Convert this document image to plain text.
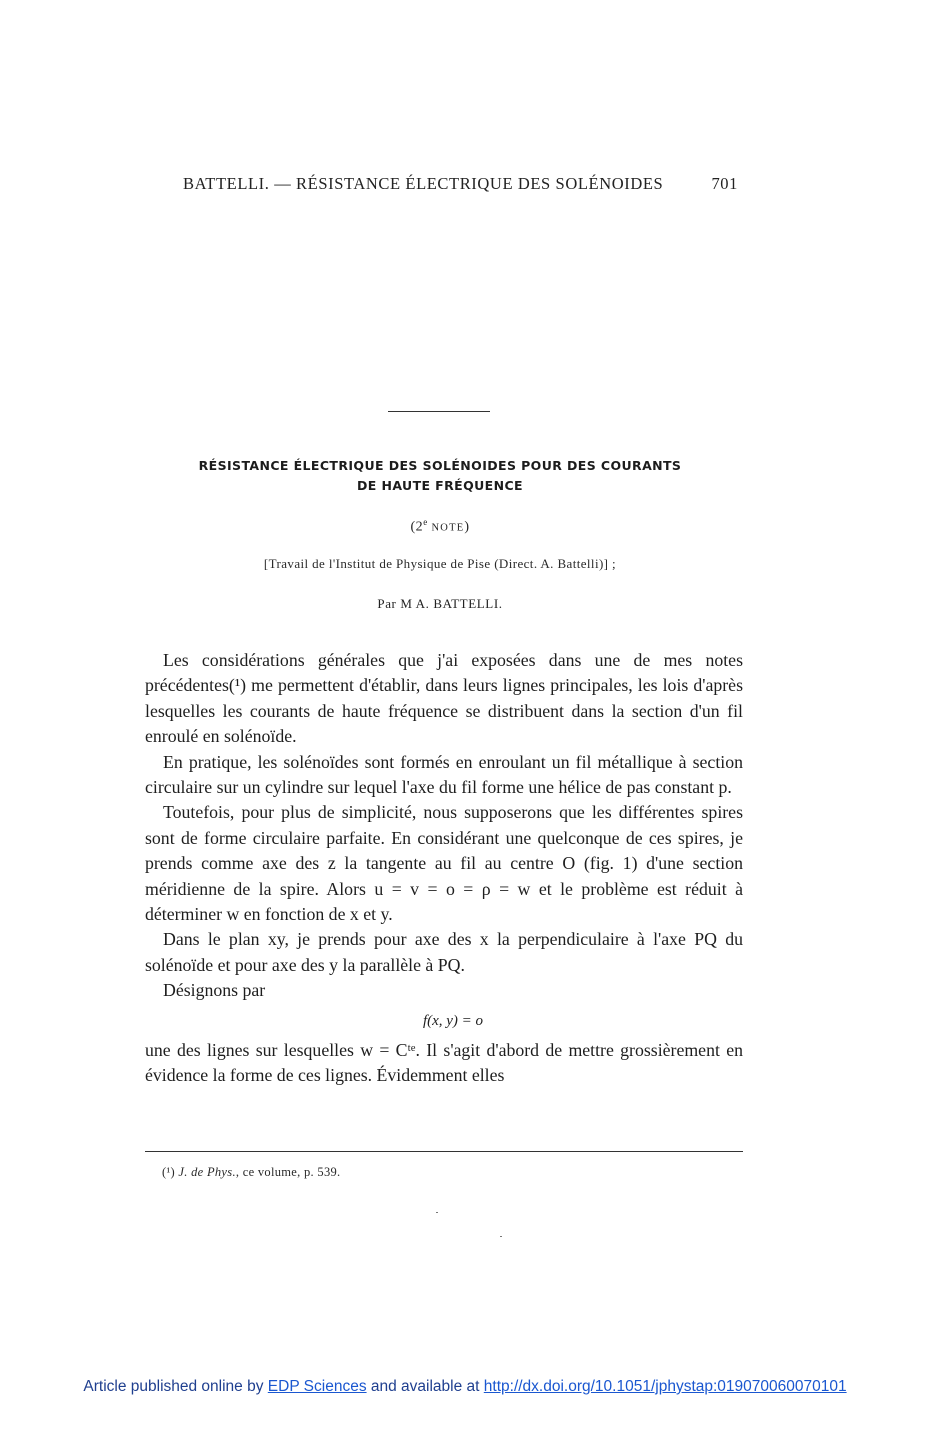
BATTELLI. — RÉSISTANCE ÉLECTRIQUE DES SOLÉNOIDES	701
RÉSISTANCE ÉLECTRIQUE DES SOLÉNOIDES POUR DES COURANTS
DE HAUTE FRÉQUENCE
(2e NOTE)
[Travail de l'Institut de Physique de Pise (Direct. A. Battelli)] ;
Par M A. BATTELLI.

Les considérations générales que j'ai exposées dans une de mes notes précédentes(¹) me permettent d'établir, dans leurs lignes principales, les lois d'après lesquelles les courants de haute fréquence se distribuent dans la section d'un fil enroulé en solénoïde.

En pratique, les solénoïdes sont formés en enroulant un fil métallique à section circulaire sur un cylindre sur lequel l'axe du fil forme une hélice de pas constant p.

Toutefois, pour plus de simplicité, nous supposerons que les différentes spires sont de forme circulaire parfaite. En considérant une quelconque de ces spires, je prends comme axe des z la tangente au fil au centre O (fig. 1) d'une section méridienne de la spire. Alors u = v = o = ρ = w et le problème est réduit à déterminer w en fonction de x et y.

Dans le plan xy, je prends pour axe des x la perpendiculaire à l'axe PQ du solénoïde et pour axe des y la parallèle à PQ.

Désignons par

f(x, y) = o

une des lignes sur lesquelles w = Cᵗᵉ. Il s'agit d'abord de mettre grossièrement en évidence la forme de ces lignes. Évidemment elles

(¹) J. de Phys., ce volume, p. 539.
Article published online by EDP Sciences and available at http://dx.doi.org/10.1051/jphystap:019070060070101
